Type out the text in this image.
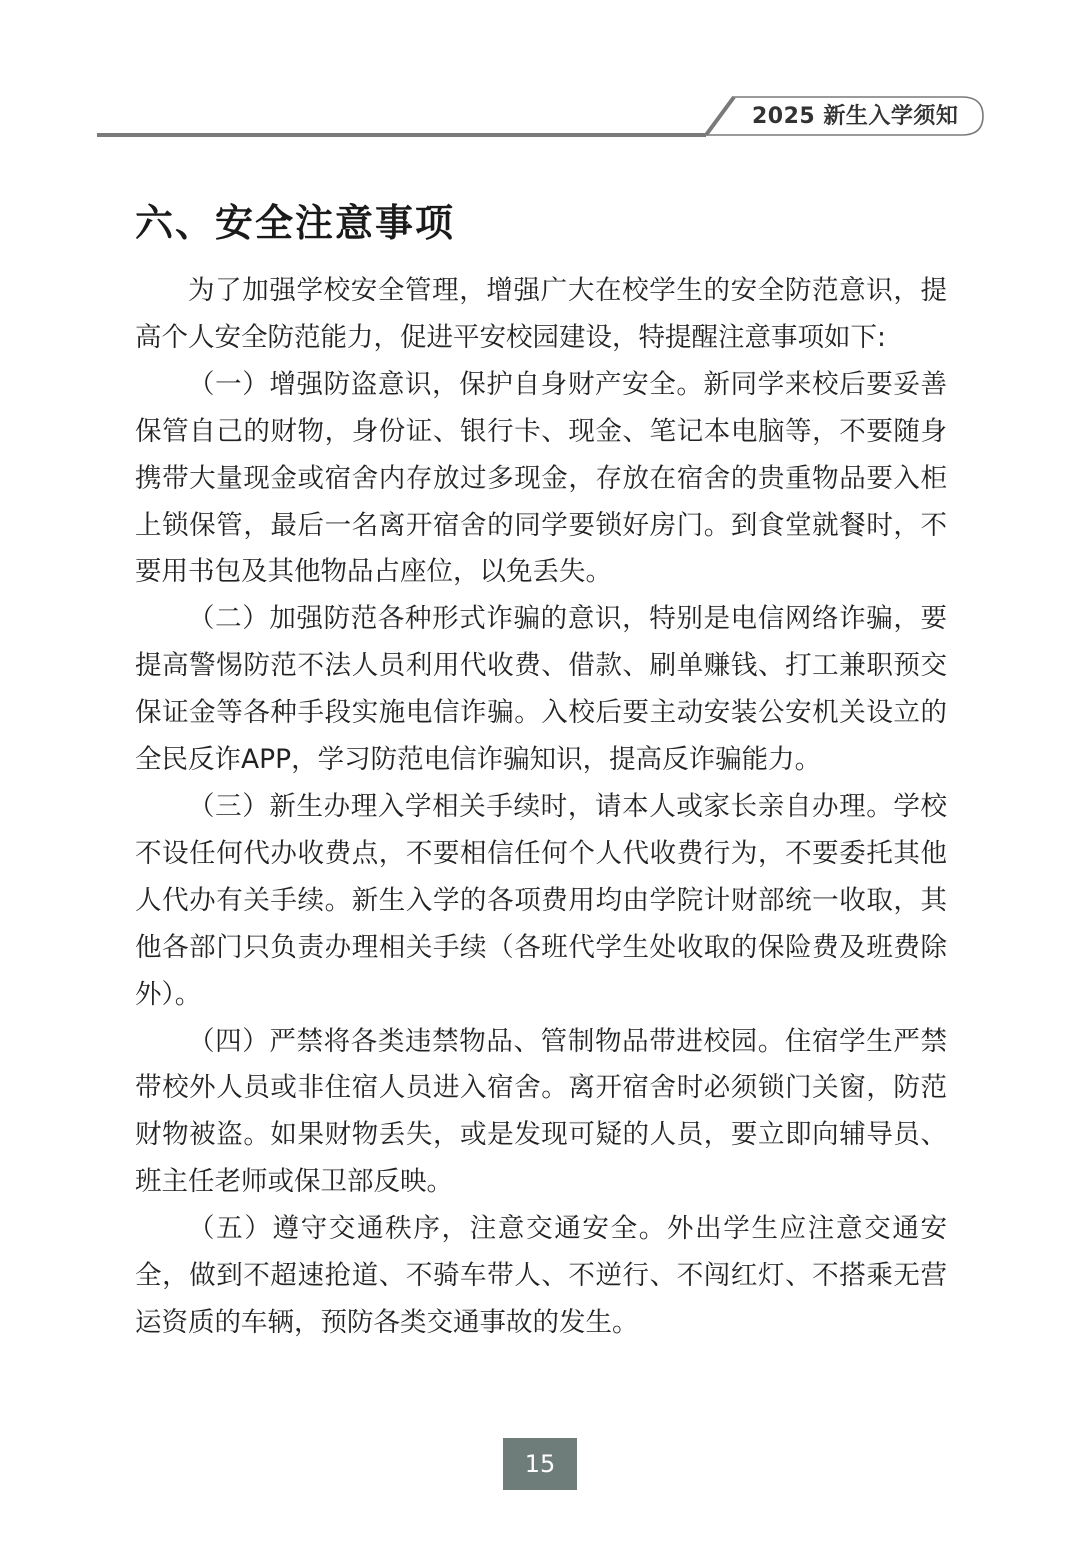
2025 新生入学须知
六、安全注意事项

为了加强学校安全管理，增强广大在校学生的安全防范意识，提高个人安全防范能力，促进平安校园建设，特提醒注意事项如下:

（一）增强防盗意识，保护自身财产安全。新同学来校后要妥善保管自己的财物，身份证、银行卡、现金、笔记本电脑等，不要随身携带大量现金或宿舍内存放过多现金，存放在宿舍的贵重物品要入柜上锁保管，最后一名离开宿舍的同学要锁好房门。到食堂就餐时，不要用书包及其他物品占座位，以免丢失。

（二）加强防范各种形式诈骗的意识，特别是电信网络诈骗，要提高警惕防范不法人员利用代收费、借款、刷单赚钱、打工兼职预交保证金等各种手段实施电信诈骗。入校后要主动安装公安机关设立的全民反诈APP，学习防范电信诈骗知识，提高反诈骗能力。

（三）新生办理入学相关手续时，请本人或家长亲自办理。学校不设任何代办收费点，不要相信任何个人代收费行为，不要委托其他人代办有关手续。新生入学的各项费用均由学院计财部统一收取，其他各部门只负责办理相关手续（各班代学生处收取的保险费及班费除外）。

（四）严禁将各类违禁物品、管制物品带进校园。住宿学生严禁带校外人员或非住宿人员进入宿舍。离开宿舍时必须锁门关窗，防范财物被盗。如果财物丢失，或是发现可疑的人员，要立即向辅导员、班主任老师或保卫部反映。

（五）遵守交通秩序，注意交通安全。外出学生应注意交通安全，做到不超速抢道、不骑车带人、不逆行、不闯红灯、不搭乘无营运资质的车辆，预防各类交通事故的发生。

15
